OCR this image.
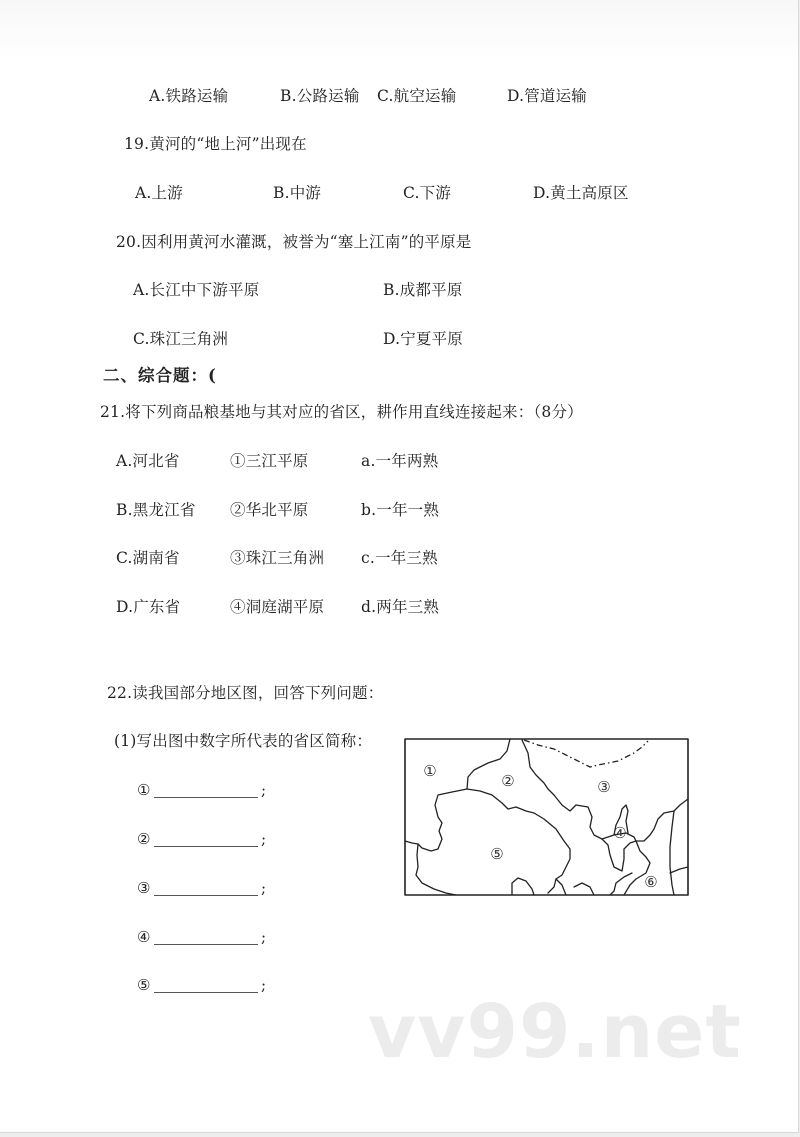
A.铁路运输	B.公路运输 C.航空运输	D.管道运输
19.黄河的“地上河”出现在
A.上游	B.中游	C.下游	D.黄土高原区
20.因利用黄河水灌溉，被誉为“塞上江南”的平原是
A.长江中下游平原	B.成都平原
C.珠江三角洲	D.宁夏平原
二、综合题：(
21.将下列商品粮基地与其对应的省区，耕作用直线连接起来：（8分）
A.河北省	①三江平原	a.一年两熟
B.黑龙江省 ②华北平原	b.一年一熟
C.湖南省	③珠江三角洲 c.一年三熟
D.广东省	④洞庭湖平原 d.两年三熟
22.读我国部分地区图，回答下列问题：
(1)写出图中数字所代表的省区简称：
①	;
②	;
③	;
④	;
⑤	;
①
②	③
④
⑤
⑥
vv99.net
